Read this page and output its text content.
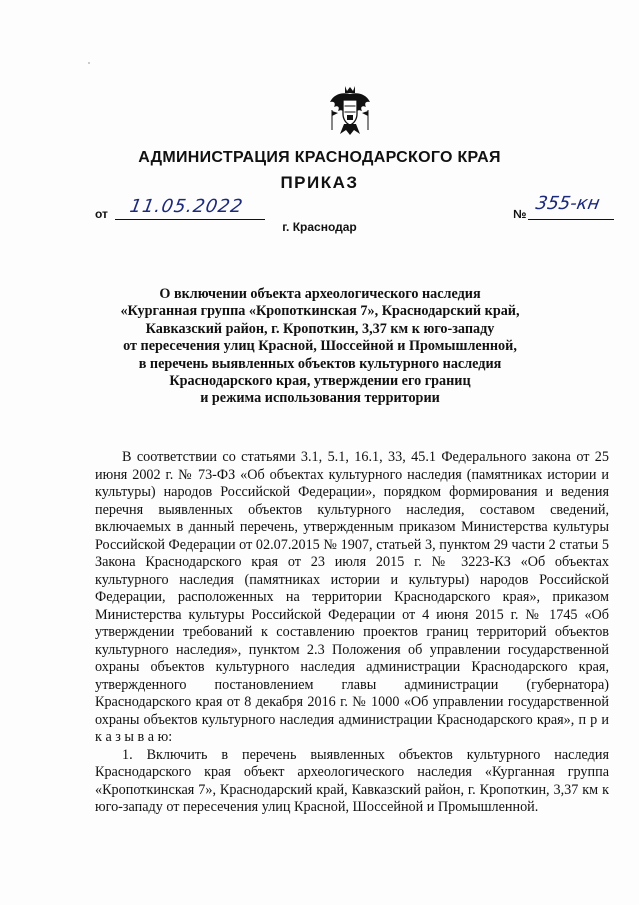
АДМИНИСТРАЦИЯ КРАСНОДАРСКОГО КРАЯ
ПРИКАЗ
от 11.05.2022
г. Краснодар
№ 355-кн
О включении объекта археологического наследия
«Курганная группа «Кропоткинская 7», Краснодарский край,
Кавказский район, г. Кропоткин, 3,37 км к юго-западу
от пересечения улиц Красной, Шоссейной и Промышленной,
в перечень выявленных объектов культурного наследия
Краснодарского края, утверждении его границ
и режима использования территории

В соответствии со статьями 3.1, 5.1, 16.1, 33, 45.1 Федерального закона от 25 июня 2002 г. № 73-ФЗ «Об объектах культурного наследия (памятниках истории и культуры) народов Российской Федерации», порядком формирования и ведения перечня выявленных объектов культурного наследия, составом сведений, включаемых в данный перечень, утвержденным приказом Министерства культуры Российской Федерации от 02.07.2015 № 1907, статьей 3, пунктом 29 части 2 статьи 5 Закона Краснодарского края от 23 июля 2015 г. № 3223-КЗ «Об объектах культурного наследия (памятниках истории и культуры) народов Российской Федерации, расположенных на территории Краснодарского края», приказом Министерства культуры Российской Федерации от 4 июня 2015 г. № 1745 «Об утверждении требований к составлению проектов границ территорий объектов культурного наследия», пунктом 2.3 Положения об управлении государственной охраны объектов культурного наследия администрации Краснодарского края, утвержденного постановлением главы администрации (губернатора) Краснодарского края от 8 декабря 2016 г. № 1000 «Об управлении государственной охраны объектов культурного наследия администрации Краснодарского края», п р и к а з ы в а ю:

1. Включить в перечень выявленных объектов культурного наследия Краснодарского края объект археологического наследия «Курганная группа «Кропоткинская 7», Краснодарский край, Кавказский район, г. Кропоткин, 3,37 км к юго-западу от пересечения улиц Красной, Шоссейной и Промышленной.
